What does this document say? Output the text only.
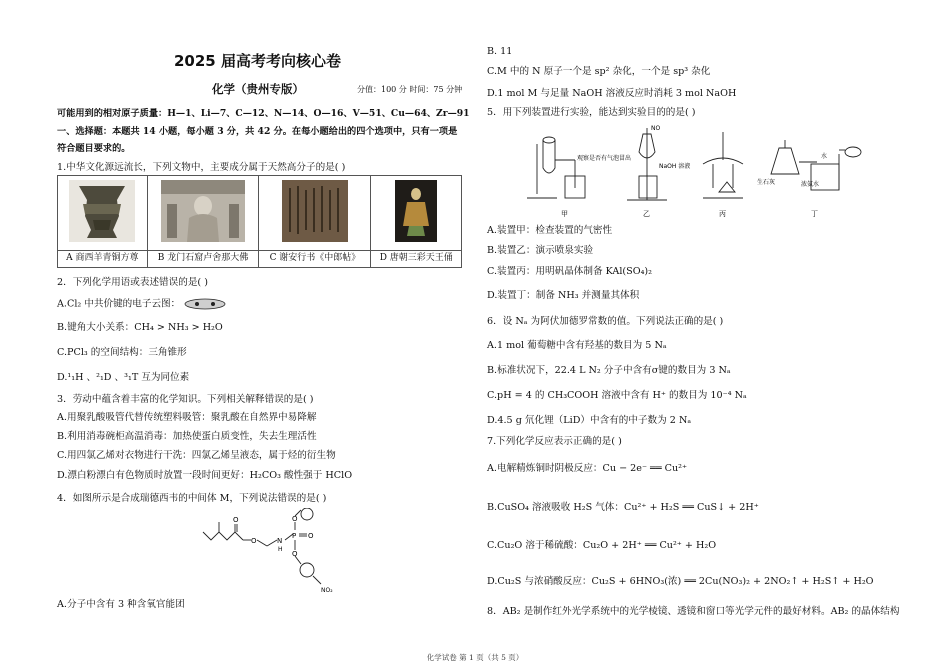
2025 届高考考向核心卷
化学（贵州专版）	分值：100 分 时间：75 分钟
可能用到的相对原子质量：H—1、Li—7、C—12、N—14、O—16、V—51、Cu—64、Zr—91
一、选择题：本题共 14 小题，每小题 3 分，共 42 分。在每小题给出的四个选项中，只有一项是
符合题目要求的。
1.中华文化源远流长，下列文物中，主要成分属于天然高分子的是( )

A 商西羊青铜方尊	B 龙门石窟卢舍那大佛	C 谢安行书《中郎帖》	D 唐朝三彩天王俑
2．下列化学用语或表述错误的是( )
A.Cl₂ 中共价键的电子云图：
B.键角大小关系：CH₄ > NH₃ > H₂O
C.PCl₃ 的空间结构：三角锥形
D.¹₁H 、²₁D 、³₁T 互为同位素
3．劳动中蕴含着丰富的化学知识。下列相关解释错误的是( )
A.用聚乳酸吸管代替传统塑料吸管：聚乳酸在自然界中易降解
B.利用消毒碗柜高温消毒：加热使蛋白质变性，失去生理活性
C.用四氯乙烯对衣物进行干洗：四氯乙烯呈液态，属于烃的衍生物
D.漂白粉漂白有色物质时放置一段时间更好：H₂CO₃ 酸性强于 HClO
4．如图所示是合成瑞德西韦的中间体 M，下列说法错误的是( )
O
O	N
H
P
O
O
O
NO₂
A.分子中含有 3 种含氧官能团
B. 11
C.M 中的 N 原子一个是 sp² 杂化，一个是 sp³ 杂化
D.1 mol M 与足量 NaOH 溶液反应时消耗 3 mol NaOH
5．用下列装置进行实验，能达到实验目的的是( )
观察是否有气泡冒出
NO
NaOH 溶液
生石灰	浓氨水
水
甲	乙	丙	丁
A.装置甲：检查装置的气密性
B.装置乙：演示喷泉实验
C.装置丙：用明矾晶体制备 KAl(SO₄)₂
D.装置丁：制备 NH₃ 并测量其体积
6．设 Nₐ 为阿伏加德罗常数的值。下列说法正确的是( )
A.1 mol 葡萄糖中含有羟基的数目为 5 Nₐ
B.标准状况下，22.4 L N₂ 分子中含有σ键的数目为 3 Nₐ
C.pH = 4 的 CH₃COOH 溶液中含有 H⁺ 的数目为 10⁻⁴ Nₐ
D.4.5 g 氘化锂（LiD）中含有的中子数为 2 Nₐ
7.下列化学反应表示正确的是( )
A.电解精炼铜时阴极反应：Cu − 2e⁻ ══ Cu²⁺
B.CuSO₄ 溶液吸收 H₂S 气体：Cu²⁺ + H₂S ══ CuS↓ + 2H⁺
C.Cu₂O 溶于稀硫酸：Cu₂O + 2H⁺ ══ Cu²⁺ + H₂O
D.Cu₂S 与浓硝酸反应：Cu₂S + 6HNO₃(浓) ══ 2Cu(NO₃)₂ + 2NO₂↑ + H₂S↑ + H₂O
8．AB₂ 是制作红外光学系统中的光学棱镜、透镜和窗口等光学元件的最好材料。AB₂ 的晶体结构
化学试卷 第 1 页（共 5 页）
